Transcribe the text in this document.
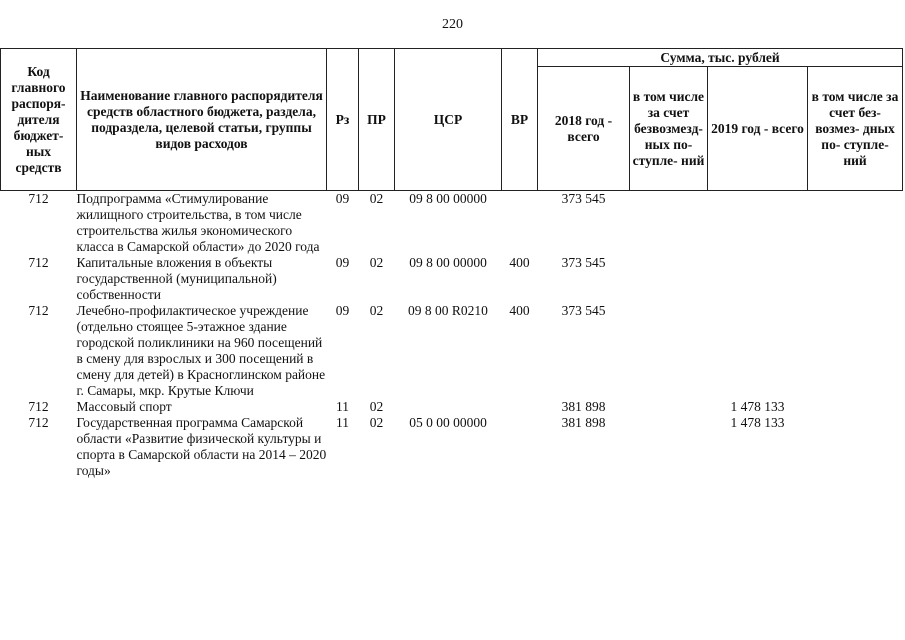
220
Код главного распоря- дителя бюджет- ных средств	Наименование главного распорядителя средств областного бюджета, раздела, подраздела, целевой статьи, группы видов расходов	Рз	ПР	ЦСР	ВР	Сумма, тыс. рублей			
						2018 год - всего	в том числе за счет безвозмезд- ных по- ступле- ний	2019 год - всего	в том числе за счет без- возмез- дных по- ступле- ний
712	Подпрограмма «Стимулирование жилищного строительства, в том числе строительства жилья экономического класса в Самарской области» до 2020 года	09	02	09 8 00 00000		373 545			
712	Капитальные вложения в объекты государственной (муниципальной) собственности	09	02	09 8 00 00000	400	373 545			
712	Лечебно-профилактическое учреждение (отдельно стоящее 5-этажное здание городской поликлиники на 960 посещений в смену для взрослых и 300 посещений в смену для детей) в Красноглинском районе г. Самары, мкр. Крутые Ключи	09	02	09 8 00 R0210	400	373 545			
712	Массовый спорт	11	02			381 898		1 478 133	
712	Государственная программа Самарской области «Развитие физической культуры и спорта в Самарской области на 2014 – 2020 годы»	11	02	05 0 00 00000		381 898		1 478 133	
